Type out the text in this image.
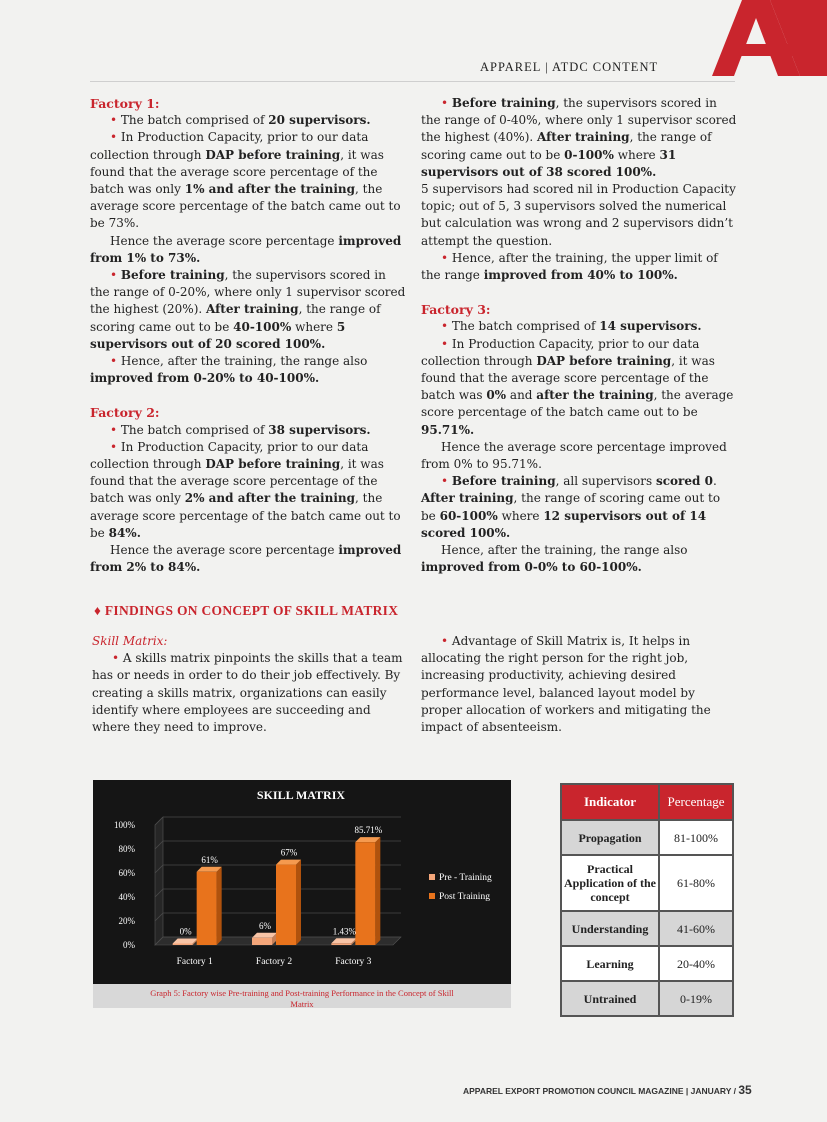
APPAREL | ATDC CONTENT

Factory 1:

• The batch comprised of 20 supervisors.

• In Production Capacity, prior to our data collection through DAP before training, it was found that the average score percentage of the batch was only 1% and after the training, the average score percentage of the batch came out to be 73%.

Hence the average score percentage improved from 1% to 73%.

• Before training, the supervisors scored in the range of 0-20%, where only 1 supervisor scored the highest (20%). After training, the range of scoring came out to be 40-100% where 5 supervisors out of 20 scored 100%.

• Hence, after the training, the range also improved from 0-20% to 40-100%.

Factory 2:

• The batch comprised of 38 supervisors.

• In Production Capacity, prior to our data collection through DAP before training, it was found that the average score percentage of the batch was only 2% and after the training, the average score percentage of the batch came out to be 84%.

Hence the average score percentage improved from 2% to 84%.

• Before training, the supervisors scored in the range of 0-40%, where only 1 supervisor scored the highest (40%). After training, the range of scoring came out to be 0-100% where 31 supervisors out of 38 scored 100%.

5 supervisors had scored nil in Production Capacity topic; out of 5, 3 supervisors solved the numerical but calculation was wrong and 2 supervisors didn’t attempt the question.

• Hence, after the training, the upper limit of the range improved from 40% to 100%.

Factory 3:

• The batch comprised of 14 supervisors.

• In Production Capacity, prior to our data collection through DAP before training, it was found that the average score percentage of the batch was 0% and after the training, the average score percentage of the batch came out to be 95.71%.

Hence the average score percentage improved from 0% to 95.71%.

• Before training, all supervisors scored 0. After training, the range of scoring came out to be 60-100% where 12 supervisors out of 14 scored 100%.

Hence, after the training, the range also improved from 0-0% to 60-100%.

♦ FINDINGS ON CONCEPT OF SKILL MATRIX

Skill Matrix:

• A skills matrix pinpoints the skills that a team has or needs in order to do their job effectively. By creating a skills matrix, organizations can easily identify where employees are succeeding and where they need to improve.

• Advantage of Skill Matrix is, It helps in allocating the right person for the right job, increasing productivity, achieving desired performance level, balanced layout model by proper allocation of workers and mitigating the impact of absenteeism.

SKILL MATRIX
0%
20%
40%
60%
80%
100%
Factory 1
0%
61%
Factory 2
6%
67%
Factory 3
1.43%
85.71%
Pre - Training
Post Training
Graph 5: Factory wise Pre-training and Post-training Performance in the Concept of Skill Matrix
Indicator	Percentage
Propagation	81-100%
Practical Application of the concept	61-80%
Understanding	41-60%
Learning	20-40%
Untrained	0-19%
APPAREL EXPORT PROMOTION COUNCIL MAGAZINE | JANUARY / 35
